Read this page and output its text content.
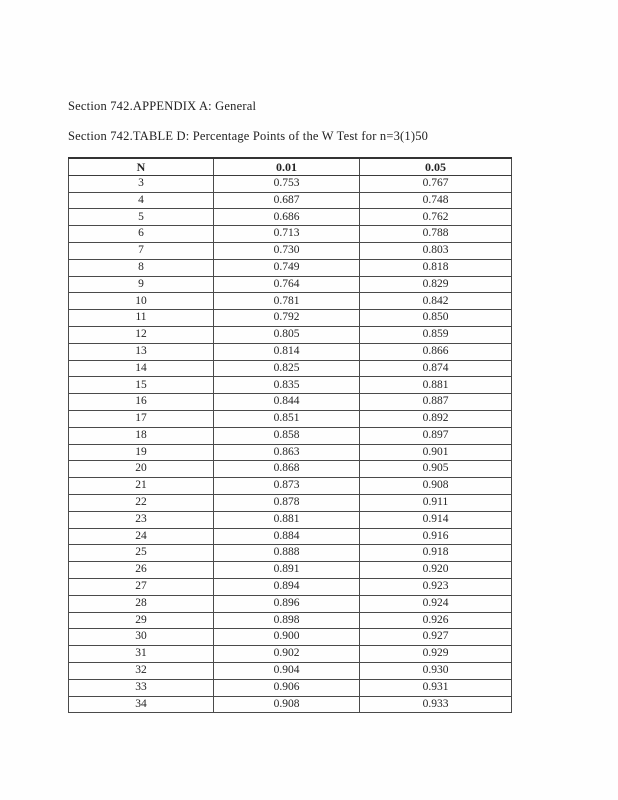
Section 742.APPENDIX A: General
Section 742.TABLE D: Percentage Points of the W Test for n=3(1)50
N	0.01	0.05
3	0.753	0.767
4	0.687	0.748
5	0.686	0.762
6	0.713	0.788
7	0.730	0.803
8	0.749	0.818
9	0.764	0.829
10	0.781	0.842
11	0.792	0.850
12	0.805	0.859
13	0.814	0.866
14	0.825	0.874
15	0.835	0.881
16	0.844	0.887
17	0.851	0.892
18	0.858	0.897
19	0.863	0.901
20	0.868	0.905
21	0.873	0.908
22	0.878	0.911
23	0.881	0.914
24	0.884	0.916
25	0.888	0.918
26	0.891	0.920
27	0.894	0.923
28	0.896	0.924
29	0.898	0.926
30	0.900	0.927
31	0.902	0.929
32	0.904	0.930
33	0.906	0.931
34	0.908	0.933
